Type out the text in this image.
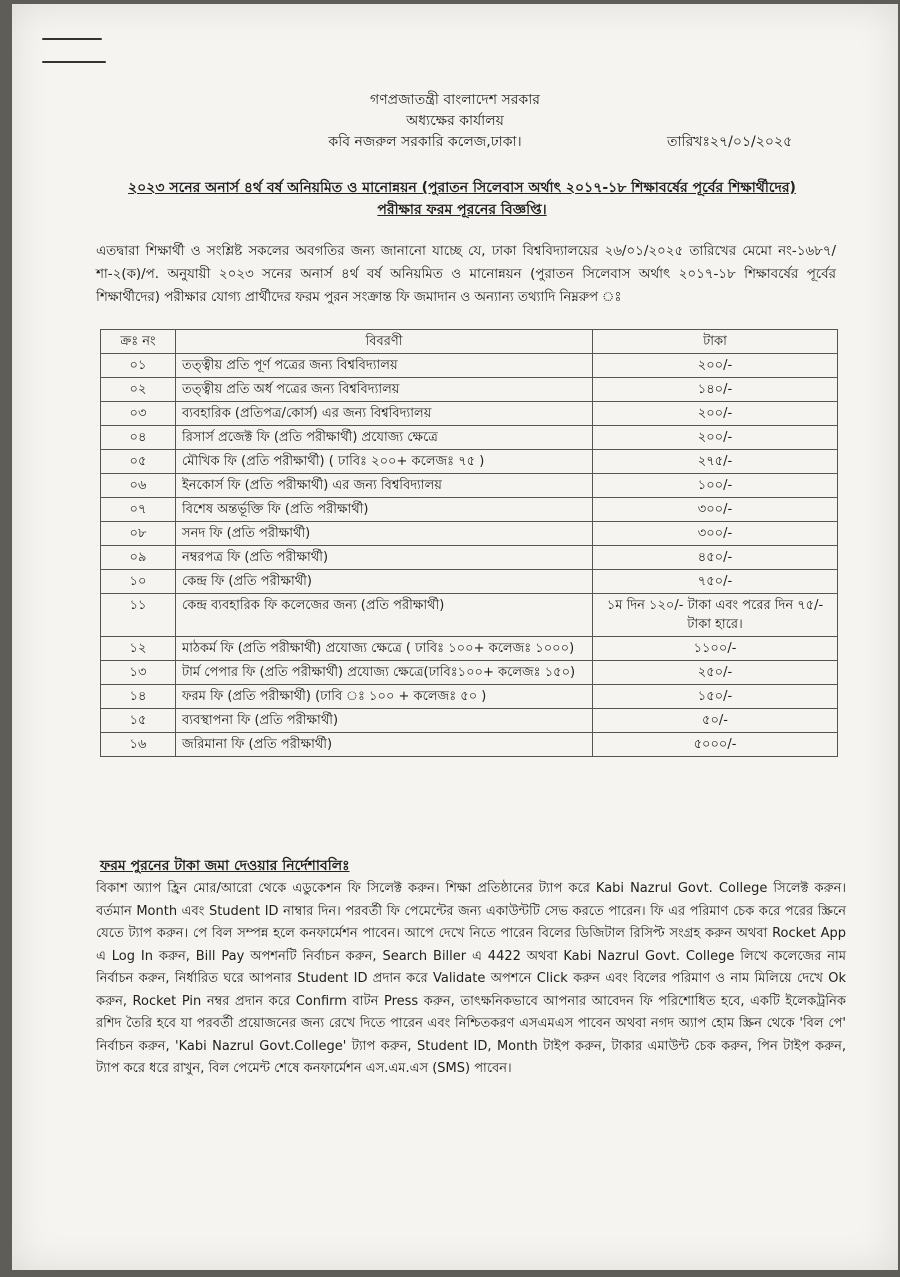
গণপ্রজাতন্ত্রী বাংলাদেশ সরকার
অধ্যক্ষের কার্যালয়
কবি নজরুল সরকারি কলেজ,ঢাকা।	তারিখঃ২৭/০১/২০২৫
২০২৩ সনের অনার্স ৪র্থ বর্ষ অনিয়মিত ও মানোন্নয়ন (পুরাতন সিলেবাস অর্থাৎ ২০১৭-১৮ শিক্ষাবর্ষের পূর্বের শিক্ষার্থীদের)
পরীক্ষার ফরম পূরনের বিজ্ঞপ্তি।
এতদ্বারা শিক্ষার্থী ও সংশ্লিষ্ট সকলের অবগতির জন্য জানানো যাচ্ছে যে, ঢাকা বিশ্ববিদ্যালয়ের ২৬/০১/২০২৫ তারিখের মেমো নং-১৬৮৭/শা-২(ক)/প. অনুযায়ী ২০২৩ সনের অনার্স ৪র্থ বর্ষ অনিয়মিত ও মানোন্নয়ন (পুরাতন সিলেবাস অর্থাৎ ২০১৭-১৮ শিক্ষাবর্ষের পূর্বের শিক্ষার্থীদের) পরীক্ষার যোগ্য প্রার্থীদের ফরম পুরন সংক্রান্ত ফি জমাদান ও অন্যান্য তথ্যাদি নিম্নরুপ ঃ
ক্রঃ নং	বিবরণী	টাকা
০১	তত্ত্বীয় প্রতি পূর্ণ পত্রের জন্য বিশ্ববিদ্যালয়	২০০/-
০২	তত্ত্বীয় প্রতি অর্ধ পত্রের জন্য বিশ্ববিদ্যালয়	১৪০/-
০৩	ব্যবহারিক (প্রতিপত্র/কোর্স) এর জন্য বিশ্ববিদ্যালয়	২০০/-
০৪	রিসার্স প্রজেক্ট ফি (প্রতি পরীক্ষার্থী) প্রযোজ্য ক্ষেত্রে	২০০/-
০৫	মৌখিক ফি (প্রতি পরীক্ষার্থী) ( ঢাবিঃ ২০০+ কলেজঃ ৭৫ )	২৭৫/-
০৬	ইনকোর্স ফি (প্রতি পরীক্ষার্থী) এর জন্য বিশ্ববিদ্যালয়	১০০/-
০৭	বিশেষ অন্তর্ভূক্তি ফি (প্রতি পরীক্ষার্থী)	৩০০/-
০৮	সনদ ফি (প্রতি পরীক্ষার্থী)	৩০০/-
০৯	নম্বরপত্র ফি (প্রতি পরীক্ষার্থী)	৪৫০/-
১০	কেন্দ্র ফি (প্রতি পরীক্ষার্থী)	৭৫০/-
১১	কেন্দ্র ব্যবহারিক ফি কলেজের জন্য (প্রতি পরীক্ষার্থী)	১ম দিন ১২০/- টাকা এবং পরের দিন ৭৫/- টাকা হারে।
১২	মাঠকর্ম ফি (প্রতি পরীক্ষার্থী) প্রযোজ্য ক্ষেত্রে ( ঢাবিঃ ১০০+ কলেজঃ ১০০০)	১১০০/-
১৩	টার্ম পেপার ফি (প্রতি পরীক্ষার্থী) প্রযোজ্য ক্ষেত্রে(ঢাবিঃ১০০+ কলেজঃ ১৫০)	২৫০/-
১৪	ফরম ফি (প্রতি পরীক্ষার্থী) (ঢাবি ঃ ১০০ + কলেজঃ ৫০ )	১৫০/-
১৫	ব্যবস্থাপনা ফি (প্রতি পরীক্ষার্থী)	৫০/-
১৬	জরিমানা ফি (প্রতি পরীক্ষার্থী)	৫০০০/-
ফরম পুরনের টাকা জমা দেওয়ার নির্দেশাবলিঃ
বিকাশ অ্যাপ হ্রিন মোর/আরো থেকে এডুকেশন ফি সিলেক্ট করুন। শিক্ষা প্রতিষ্ঠানের ট্যাপ করে Kabi Nazrul Govt. College সিলেক্ট করুন। বর্তমান Month এবং Student ID নাম্বার দিন। পরবর্তী ফি পেমেন্টের জন্য একাউন্টটি সেভ করতে পারেন। ফি এর পরিমাণ চেক করে পরের স্ক্রিনে যেতে ট্যাপ করুন। পে বিল সম্পন্ন হলে কনফার্মেশন পাবেন। আপে দেখে নিতে পারেন বিলের ডিজিটাল রিসিপ্ট সংগ্রহ করুন অথবা Rocket App এ Log In করুন, Bill Pay অপশনটি নির্বাচন করুন, Search Biller এ 4422 অথবা Kabi Nazrul Govt. College লিখে কলেজের নাম নির্বাচন করুন, নির্ধারিত ঘরে আপনার Student ID প্রদান করে Validate অপশনে Click করুন এবং বিলের পরিমাণ ও নাম মিলিয়ে দেখে Ok করুন, Rocket Pin নম্বর প্রদান করে Confirm বাটন Press করুন, তাৎক্ষনিকভাবে আপনার আবেদন ফি পরিশোধিত হবে, একটি ইলেকট্রনিক রশিদ তৈরি হবে যা পরবর্তী প্রয়োজনের জন্য রেখে দিতে পারেন এবং নিশ্চিতকরণ এসএমএস পাবেন অথবা নগদ অ্যাপ হোম স্ক্রিন থেকে 'বিল পে' নির্বাচন করুন, 'Kabi Nazrul Govt.College' ট্যাপ করুন, Student ID, Month টাইপ করুন, টাকার এমাউন্ট চেক করুন, পিন টাইপ করুন, ট্যাপ করে ধরে রাখুন, বিল পেমেন্ট শেষে কনফার্মেশন এস.এম.এস (SMS) পাবেন।
